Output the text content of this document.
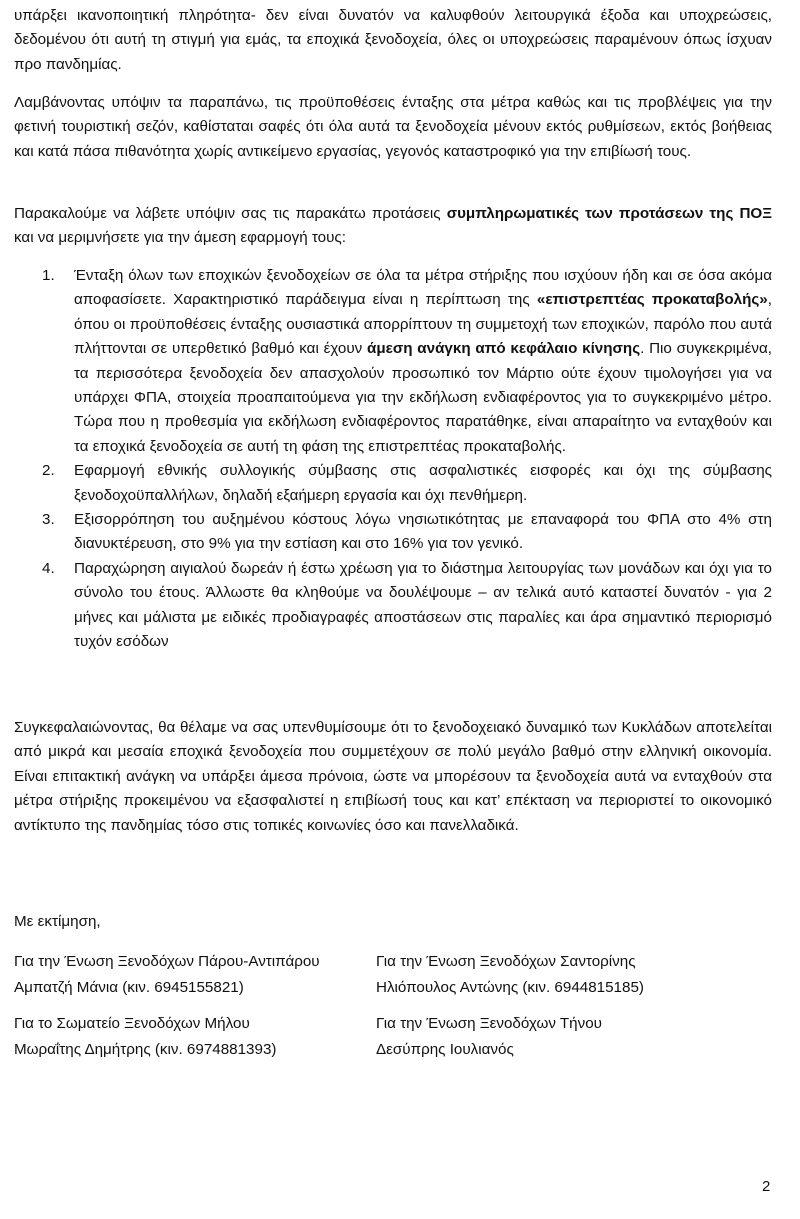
υπάρξει ικανοποιητική πληρότητα- δεν είναι δυνατόν να καλυφθούν λειτουργικά έξοδα και υποχρεώσεις, δεδομένου ότι αυτή τη στιγμή για εμάς, τα εποχικά ξενοδοχεία, όλες οι υποχρεώσεις παραμένουν όπως ίσχυαν προ πανδημίας.

Λαμβάνοντας υπόψιν τα παραπάνω, τις προϋποθέσεις ένταξης στα μέτρα καθώς και τις προβλέψεις για την φετινή τουριστική σεζόν, καθίσταται σαφές ότι όλα αυτά τα ξενοδοχεία μένουν εκτός ρυθμίσεων, εκτός βοήθειας και κατά πάσα πιθανότητα χωρίς αντικείμενο εργασίας, γεγονός καταστροφικό για την επιβίωσή τους.

Παρακαλούμε να λάβετε υπόψιν σας τις παρακάτω προτάσεις συμπληρωματικές των προτάσεων της ΠΟΞ και να μεριμνήσετε για την άμεση εφαρμογή τους:

1. Ένταξη όλων των εποχικών ξενοδοχείων σε όλα τα μέτρα στήριξης που ισχύουν ήδη και σε όσα ακόμα αποφασίσετε. Χαρακτηριστικό παράδειγμα είναι η περίπτωση της «επιστρεπτέας προκαταβολής», όπου οι προϋποθέσεις ένταξης ουσιαστικά απορρίπτουν τη συμμετοχή των εποχικών, παρόλο που αυτά πλήττονται σε υπερθετικό βαθμό και έχουν άμεση ανάγκη από κεφάλαιο κίνησης. Πιο συγκεκριμένα, τα περισσότερα ξενοδοχεία δεν απασχολούν προσωπικό τον Μάρτιο ούτε έχουν τιμολογήσει για να υπάρχει ΦΠΑ, στοιχεία προαπαιτούμενα για την εκδήλωση ενδιαφέροντος για το συγκεκριμένο μέτρο. Τώρα που η προθεσμία για εκδήλωση ενδιαφέροντος παρατάθηκε, είναι απαραίτητο να ενταχθούν και τα εποχικά ξενοδοχεία σε αυτή τη φάση της επιστρεπτέας προκαταβολής.
2. Εφαρμογή εθνικής συλλογικής σύμβασης στις ασφαλιστικές εισφορές και όχι της σύμβασης ξενοδοχοϋπαλλήλων, δηλαδή εξαήμερη εργασία και όχι πενθήμερη.
3. Εξισορρόπηση του αυξημένου κόστους λόγω νησιωτικότητας με επαναφορά του ΦΠΑ στο 4% στη διανυκτέρευση, στο 9% για την εστίαση και στο 16% για τον γενικό.
4. Παραχώρηση αιγιαλού δωρεάν ή έστω χρέωση για το διάστημα λειτουργίας των μονάδων και όχι για το σύνολο του έτους. Άλλωστε θα κληθούμε να δουλέψουμε – αν τελικά αυτό καταστεί δυνατόν - για 2 μήνες και μάλιστα με ειδικές προδιαγραφές αποστάσεων στις παραλίες και άρα σημαντικό περιορισμό τυχόν εσόδων

Συγκεφαλαιώνοντας, θα θέλαμε να σας υπενθυμίσουμε ότι το ξενοδοχειακό δυναμικό των Κυκλάδων αποτελείται από μικρά και μεσαία εποχικά ξενοδοχεία που συμμετέχουν σε πολύ μεγάλο βαθμό στην ελληνική οικονομία. Είναι επιτακτική ανάγκη να υπάρξει άμεσα πρόνοια, ώστε να μπορέσουν τα ξενοδοχεία αυτά να ενταχθούν στα μέτρα στήριξης προκειμένου να εξασφαλιστεί η επιβίωσή τους και κατ’ επέκταση να περιοριστεί το οικονομικό αντίκτυπο της πανδημίας τόσο στις τοπικές κοινωνίες όσο και πανελλαδικά.

Με εκτίμηση,
Για την Ένωση Ξενοδόχων Πάρου-Αντιπάρου
Αμπατζή Μάνια (κιν. 6945155821)
Για την Ένωση Ξενοδόχων Σαντορίνης
Ηλιόπουλος Αντώνης (κιν. 6944815185)
Για το Σωματείο Ξενοδόχων Μήλου
Μωραΐτης Δημήτρης (κιν. 6974881393)
Για την Ένωση Ξενοδόχων Τήνου
Δεσύπρης Ιουλιανός
2
